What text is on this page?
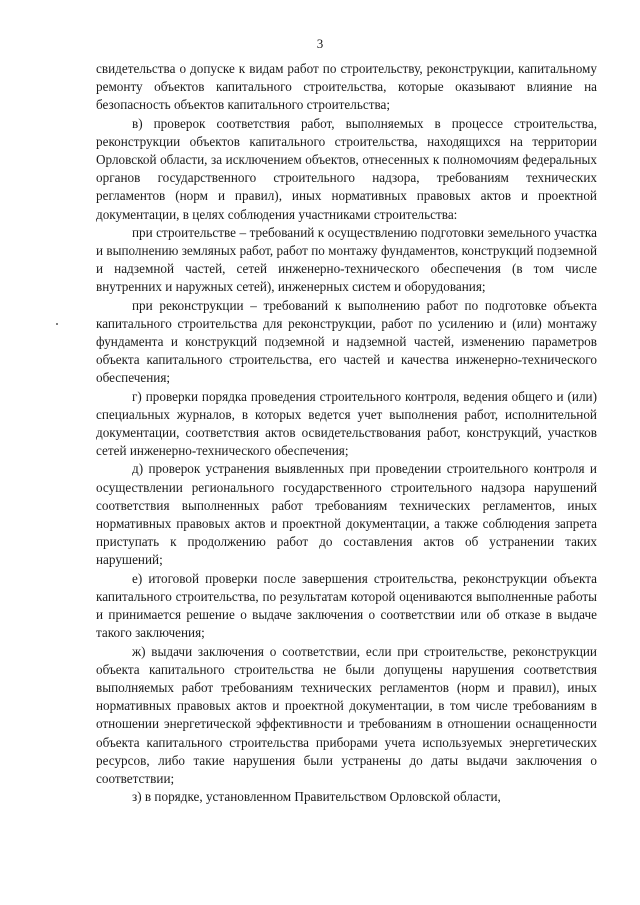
3

свидетельства о допуске к видам работ по строительству, реконструкции, капитальному ремонту объектов капитального строительства, которые оказывают влияние на безопасность объектов капитального строительства;

в) проверок соответствия работ, выполняемых в процессе строительства, реконструкции объектов капитального строительства, находящихся на территории Орловской области, за исключением объектов, отнесенных к полномочиям федеральных органов государственного строительного надзора, требованиям технических регламентов (норм и правил), иных нормативных правовых актов и проектной документации, в целях соблюдения участниками строительства:

при строительстве – требований к осуществлению подготовки земельного участка и выполнению земляных работ, работ по монтажу фундаментов, конструкций подземной и надземной частей, сетей инженерно-технического обеспечения (в том числе внутренних и наружных сетей), инженерных систем и оборудования;

при реконструкции – требований к выполнению работ по подготовке объекта капитального строительства для реконструкции, работ по усилению и (или) монтажу фундамента и конструкций подземной и надземной частей, изменению параметров объекта капитального строительства, его частей и качества инженерно-технического обеспечения;

г) проверки порядка проведения строительного контроля, ведения общего и (или) специальных журналов, в которых ведется учет выполнения работ, исполнительной документации, соответствия актов освидетельствования работ, конструкций, участков сетей инженерно-технического обеспечения;

д) проверок устранения выявленных при проведении строительного контроля и осуществлении регионального государственного строительного надзора нарушений соответствия выполненных работ требованиям технических регламентов, иных нормативных правовых актов и проектной документации, а также соблюдения запрета приступать к продолжению работ до составления актов об устранении таких нарушений;

е) итоговой проверки после завершения строительства, реконструкции объекта капитального строительства, по результатам которой оцениваются выполненные работы и принимается решение о выдаче заключения о соответствии или об отказе в выдаче такого заключения;

ж) выдачи заключения о соответствии, если при строительстве, реконструкции объекта капитального строительства не были допущены нарушения соответствия выполняемых работ требованиям технических регламентов (норм и правил), иных нормативных правовых актов и проектной документации, в том числе требованиям в отношении энергетической эффективности и требованиям в отношении оснащенности объекта капитального строительства приборами учета используемых энергетических ресурсов, либо такие нарушения были устранены до даты выдачи заключения о соответствии;

з) в порядке, установленном Правительством Орловской области,
